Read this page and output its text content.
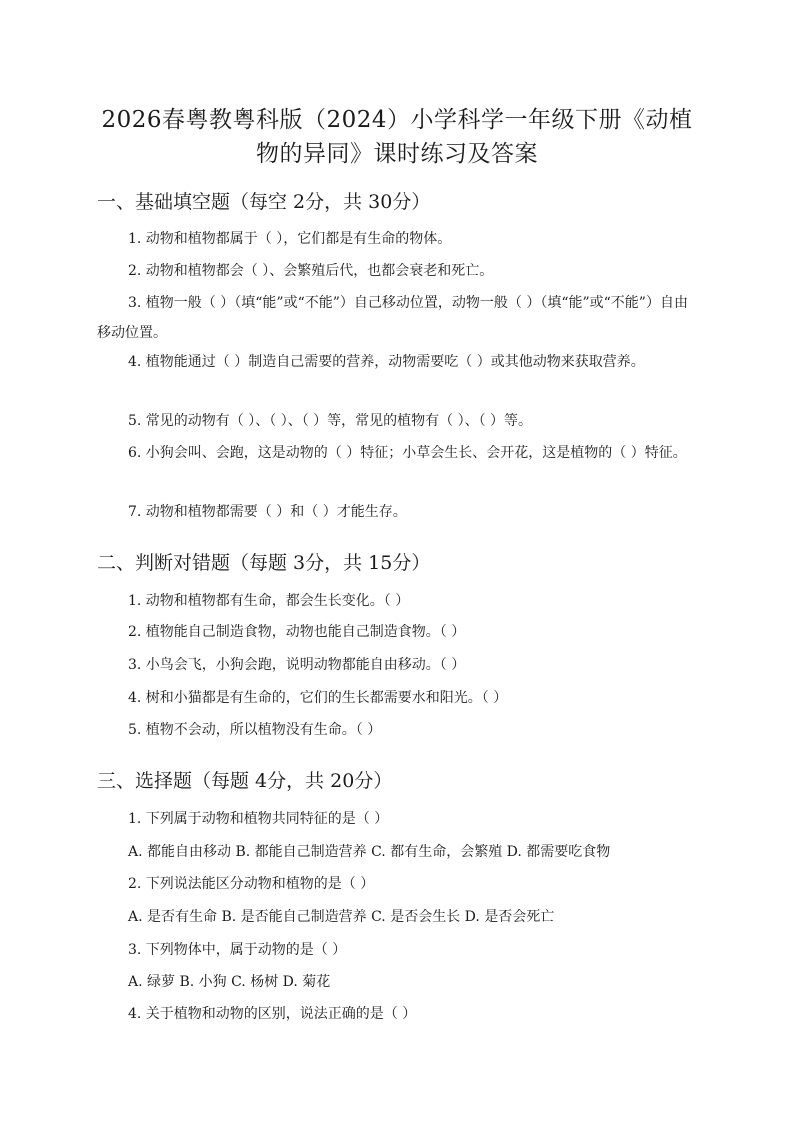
2026春粤教粤科版（2024）小学科学一年级下册《动植
物的异同》课时练习及答案
一、基础填空题（每空 2分，共 30分）
1. 动物和植物都属于（ ），它们都是有生命的物体。
2. 动物和植物都会（ ）、会繁殖后代，也都会衰老和死亡。
3. 植物一般（ ）（填“能”或“不能”）自己移动位置，动物一般（ ）（填“能”或“不能”）自由移动位置。
4. 植物能通过（ ）制造自己需要的营养，动物需要吃（ ）或其他动物来获取营养。
5. 常见的动物有（ ）、（ ）、（ ）等，常见的植物有（ ）、（ ）等。
6. 小狗会叫、会跑，这是动物的（ ）特征；小草会生长、会开花，这是植物的（ ）特征。
7. 动物和植物都需要（ ）和（ ）才能生存。
二、判断对错题（每题 3分，共 15分）
1. 动物和植物都有生命，都会生长变化。（ ）
2. 植物能自己制造食物，动物也能自己制造食物。（ ）
3. 小鸟会飞，小狗会跑，说明动物都能自由移动。（ ）
4. 树和小猫都是有生命的，它们的生长都需要水和阳光。（ ）
5. 植物不会动，所以植物没有生命。（ ）
三、选择题（每题 4分，共 20分）
1. 下列属于动物和植物共同特征的是（ ）
A. 都能自由移动 B. 都能自己制造营养 C. 都有生命，会繁殖 D. 都需要吃食物
2. 下列说法能区分动物和植物的是（ ）
A. 是否有生命 B. 是否能自己制造营养 C. 是否会生长 D. 是否会死亡
3. 下列物体中，属于动物的是（ ）
A. 绿萝 B. 小狗 C. 杨树 D. 菊花
4. 关于植物和动物的区别，说法正确的是（ ）
